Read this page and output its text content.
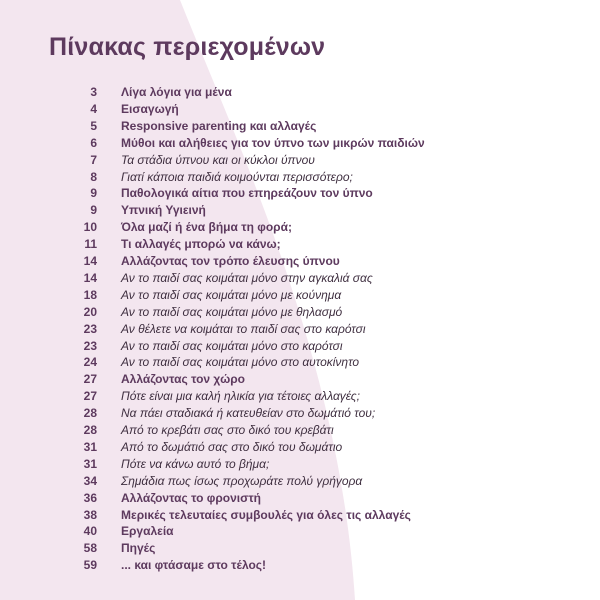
Πίνακας περιεχομένων
3 Λίγα λόγια για μένα
4 Εισαγωγή
5 Responsive parenting και αλλαγές
6 Μύθοι και αλήθειες για τον ύπνο των μικρών παιδιών
7 Τα στάδια ύπνου και οι κύκλοι ύπνου
8 Γιατί κάποια παιδιά κοιμούνται περισσότερο;
9 Παθολογικά αίτια που επηρεάζουν τον ύπνο
9 Υπνική Υγιεινή
10 Όλα μαζί ή ένα βήμα τη φορά;
11 Τι αλλαγές μπορώ να κάνω;
14 Αλλάζοντας τον τρόπο έλευσης ύπνου
14 Αν το παιδί σας κοιμάται μόνο στην αγκαλιά σας
18 Αν το παιδί σας κοιμάται μόνο με κούνημα
20 Αν το παιδί σας κοιμάται μόνο με θηλασμό
23 Αν θέλετε να κοιμάται το παιδί σας στο καρότσι
23 Αν το παιδί σας κοιμάται μόνο στο καρότσι
24 Αν το παιδί σας κοιμάται μόνο στο αυτοκίνητο
27 Αλλάζοντας τον χώρο
27 Πότε είναι μια καλή ηλικία για τέτοιες αλλαγές;
28 Να πάει σταδιακά ή κατευθείαν στο δωμάτιό του;
28 Από το κρεβάτι σας στο δικό του κρεβάτι
31 Από το δωμάτιό σας στο δικό του δωμάτιο
31 Πότε να κάνω αυτό το βήμα;
34 Σημάδια πως ίσως προχωράτε πολύ γρήγορα
36 Αλλάζοντας το φρονιστή
38 Μερικές τελευταίες συμβουλές για όλες τις αλλαγές
40 Εργαλεία
58 Πηγές
59 ... και φτάσαμε στο τέλος!
